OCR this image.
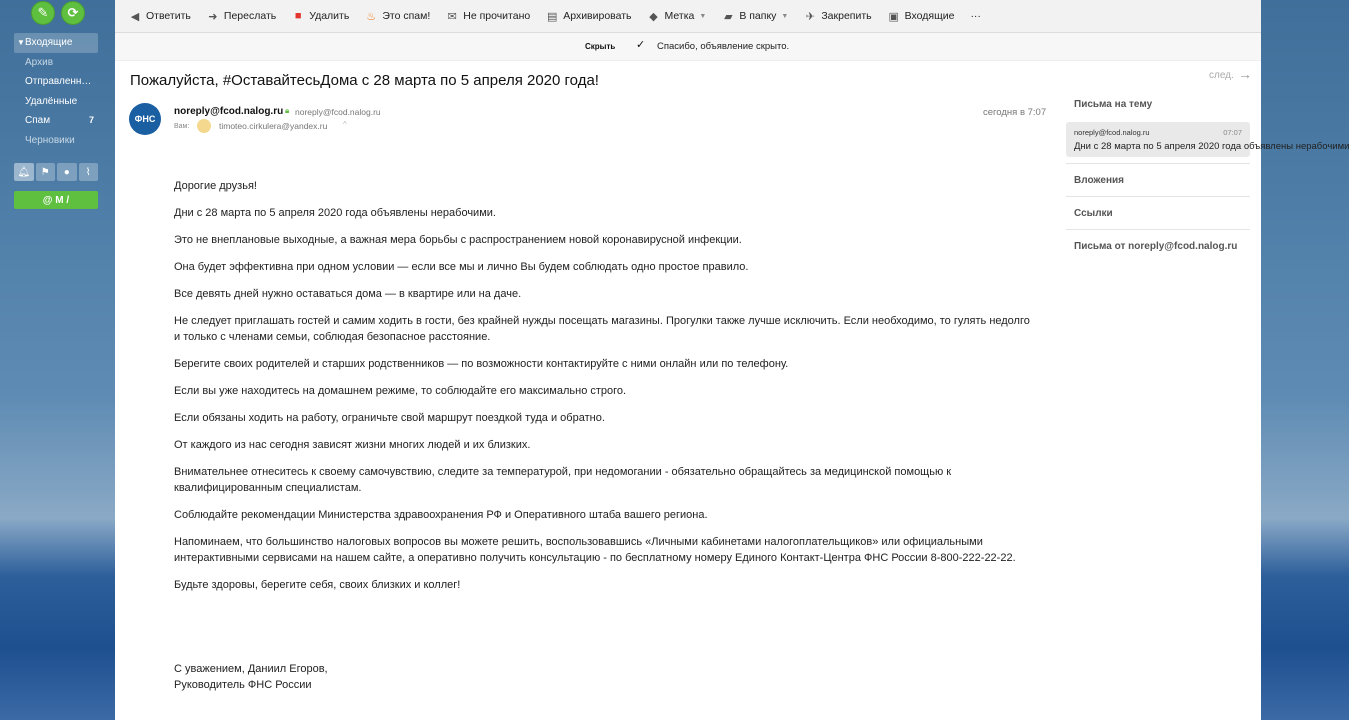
✎ ⟳
▼ Входящие
Архив
Отправленн…
Удалённые
Спам	7
Черновики
🔔︎ ⚑ ● ⌇
@ M /
◀ Ответить ➜ Переслать ■ Удалить ♨ Это спам! ✉ Не прочитано ▤ Архивировать ◆ Метка ▼ ▰ В папку ▼ ✈ Закрепить ▣ Входящие ···
Скрыть ✓ Спасибо, объявление скрыто.
Пожалуйста, #ОставайтесьДома с 28 марта по 5 апреля 2020 года!	след. →
ФНС
noreply@fcod.nalog.ru 🔒︎ noreply@fcod.nalog.ru
Вам:	timoteo.cirkulera@yandex.ru ^
сегодня в 7:07

Дорогие друзья!

Дни с 28 марта по 5 апреля 2020 года объявлены нерабочими.

Это не внеплановые выходные, а важная мера борьбы с распространением новой коронавирусной инфекции.

Она будет эффективна при одном условии — если все мы и лично Вы будем соблюдать одно простое правило.

Все девять дней нужно оставаться дома — в квартире или на даче.

Не следует приглашать гостей и самим ходить в гости, без крайней нужды посещать магазины. Прогулки также лучше исключить. Если необходимо, то гулять недолго и только с членами семьи, соблюдая безопасное расстояние.

Берегите своих родителей и старших родственников — по возможности контактируйте с ними онлайн или по телефону.

Если вы уже находитесь на домашнем режиме, то соблюдайте его максимально строго.

Если обязаны ходить на работу, ограничьте свой маршрут поездкой туда и обратно.

От каждого из нас сегодня зависят жизни многих людей и их близких.

Внимательнее отнеситесь к своему самочувствию, следите за температурой, при недомогании - обязательно обращайтесь за медицинской помощью к квалифицированным специалистам.

Соблюдайте рекомендации Министерства здравоохранения РФ и Оперативного штаба вашего региона.

Напоминаем, что большинство налоговых вопросов вы можете решить, воспользовавшись «Личными кабинетами налогоплательщиков» или официальными интерактивными сервисами на нашем сайте, а оперативно получить консультацию - по бесплатному номеру Единого Контакт-Центра ФНС России 8-800-222-22-22.

Будьте здоровы, берегите себя, своих близких и коллег!

С уважением, Даниил Егоров,
Руководитель ФНС России
Письма на тему
noreply@fcod.nalog.ru	07:07
Дни с 28 марта по 5 апреля 2020 года объявлены нерабочими
Вложения
Ссылки
Письма от noreply@fcod.nalog.ru
